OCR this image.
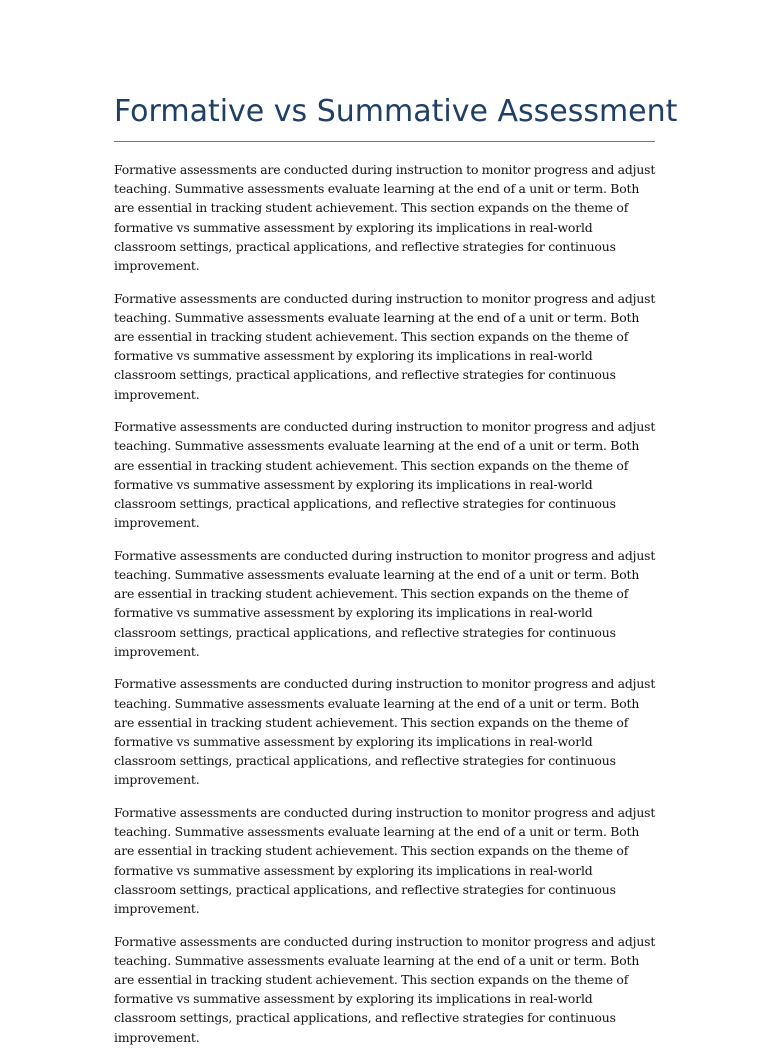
Formative vs Summative Assessment

Formative assessments are conducted during instruction to monitor progress and adjust teaching. Summative assessments evaluate learning at the end of a unit or term. Both are essential in tracking student achievement. This section expands on the theme of formative vs summative assessment by exploring its implications in real-world classroom settings, practical applications, and reflective strategies for continuous improvement.

Formative assessments are conducted during instruction to monitor progress and adjust teaching. Summative assessments evaluate learning at the end of a unit or term. Both are essential in tracking student achievement. This section expands on the theme of formative vs summative assessment by exploring its implications in real-world classroom settings, practical applications, and reflective strategies for continuous improvement.

Formative assessments are conducted during instruction to monitor progress and adjust teaching. Summative assessments evaluate learning at the end of a unit or term. Both are essential in tracking student achievement. This section expands on the theme of formative vs summative assessment by exploring its implications in real-world classroom settings, practical applications, and reflective strategies for continuous improvement.

Formative assessments are conducted during instruction to monitor progress and adjust teaching. Summative assessments evaluate learning at the end of a unit or term. Both are essential in tracking student achievement. This section expands on the theme of formative vs summative assessment by exploring its implications in real-world classroom settings, practical applications, and reflective strategies for continuous improvement.

Formative assessments are conducted during instruction to monitor progress and adjust teaching. Summative assessments evaluate learning at the end of a unit or term. Both are essential in tracking student achievement. This section expands on the theme of formative vs summative assessment by exploring its implications in real-world classroom settings, practical applications, and reflective strategies for continuous improvement.

Formative assessments are conducted during instruction to monitor progress and adjust teaching. Summative assessments evaluate learning at the end of a unit or term. Both are essential in tracking student achievement. This section expands on the theme of formative vs summative assessment by exploring its implications in real-world classroom settings, practical applications, and reflective strategies for continuous improvement.

Formative assessments are conducted during instruction to monitor progress and adjust teaching. Summative assessments evaluate learning at the end of a unit or term. Both are essential in tracking student achievement. This section expands on the theme of formative vs summative assessment by exploring its implications in real-world classroom settings, practical applications, and reflective strategies for continuous improvement.
